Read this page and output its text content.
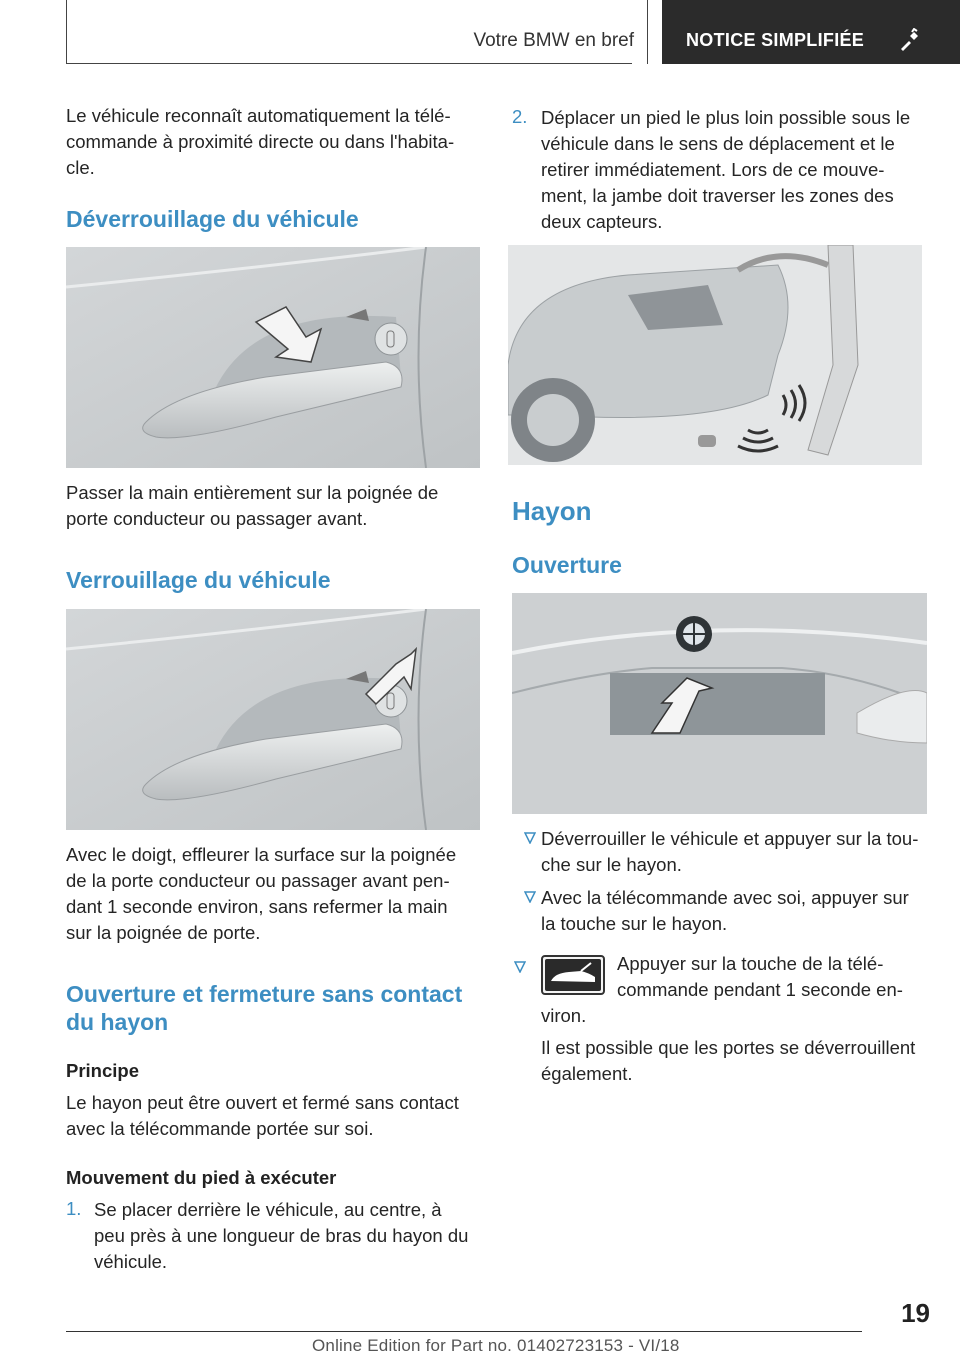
Votre BMW en bref	NOTICE SIMPLIFIÉE
Le véhicule reconnaît automatiquement la télé-
commande à proximité directe ou dans l'habita-
cle.
Déverrouillage du véhicule
Passer la main entièrement sur la poignée de
porte conducteur ou passager avant.
Verrouillage du véhicule
Avec le doigt, effleurer la surface sur la poignée
de la porte conducteur ou passager avant pen-
dant 1 seconde environ, sans refermer la main
sur la poignée de porte.
Ouverture et fermeture sans contact
du hayon
Principe
Le hayon peut être ouvert et fermé sans contact
avec la télécommande portée sur soi.
Mouvement du pied à exécuter
1. Se placer derrière le véhicule, au centre, à
peu près à une longueur de bras du hayon du
véhicule.
2. Déplacer un pied le plus loin possible sous le
véhicule dans le sens de déplacement et le
retirer immédiatement. Lors de ce mouve-
ment, la jambe doit traverser les zones des
deux capteurs.
Hayon
Ouverture
Déverrouiller le véhicule et appuyer sur la tou-
che sur le hayon.
Avec la télécommande avec soi, appuyer sur
la touche sur le hayon.
Appuyer sur la touche de la télé-
commande pendant 1 seconde en-
viron.
Il est possible que les portes se déverrouillent
également.
19
Online Edition for Part no. 01402723153 - VI/18
